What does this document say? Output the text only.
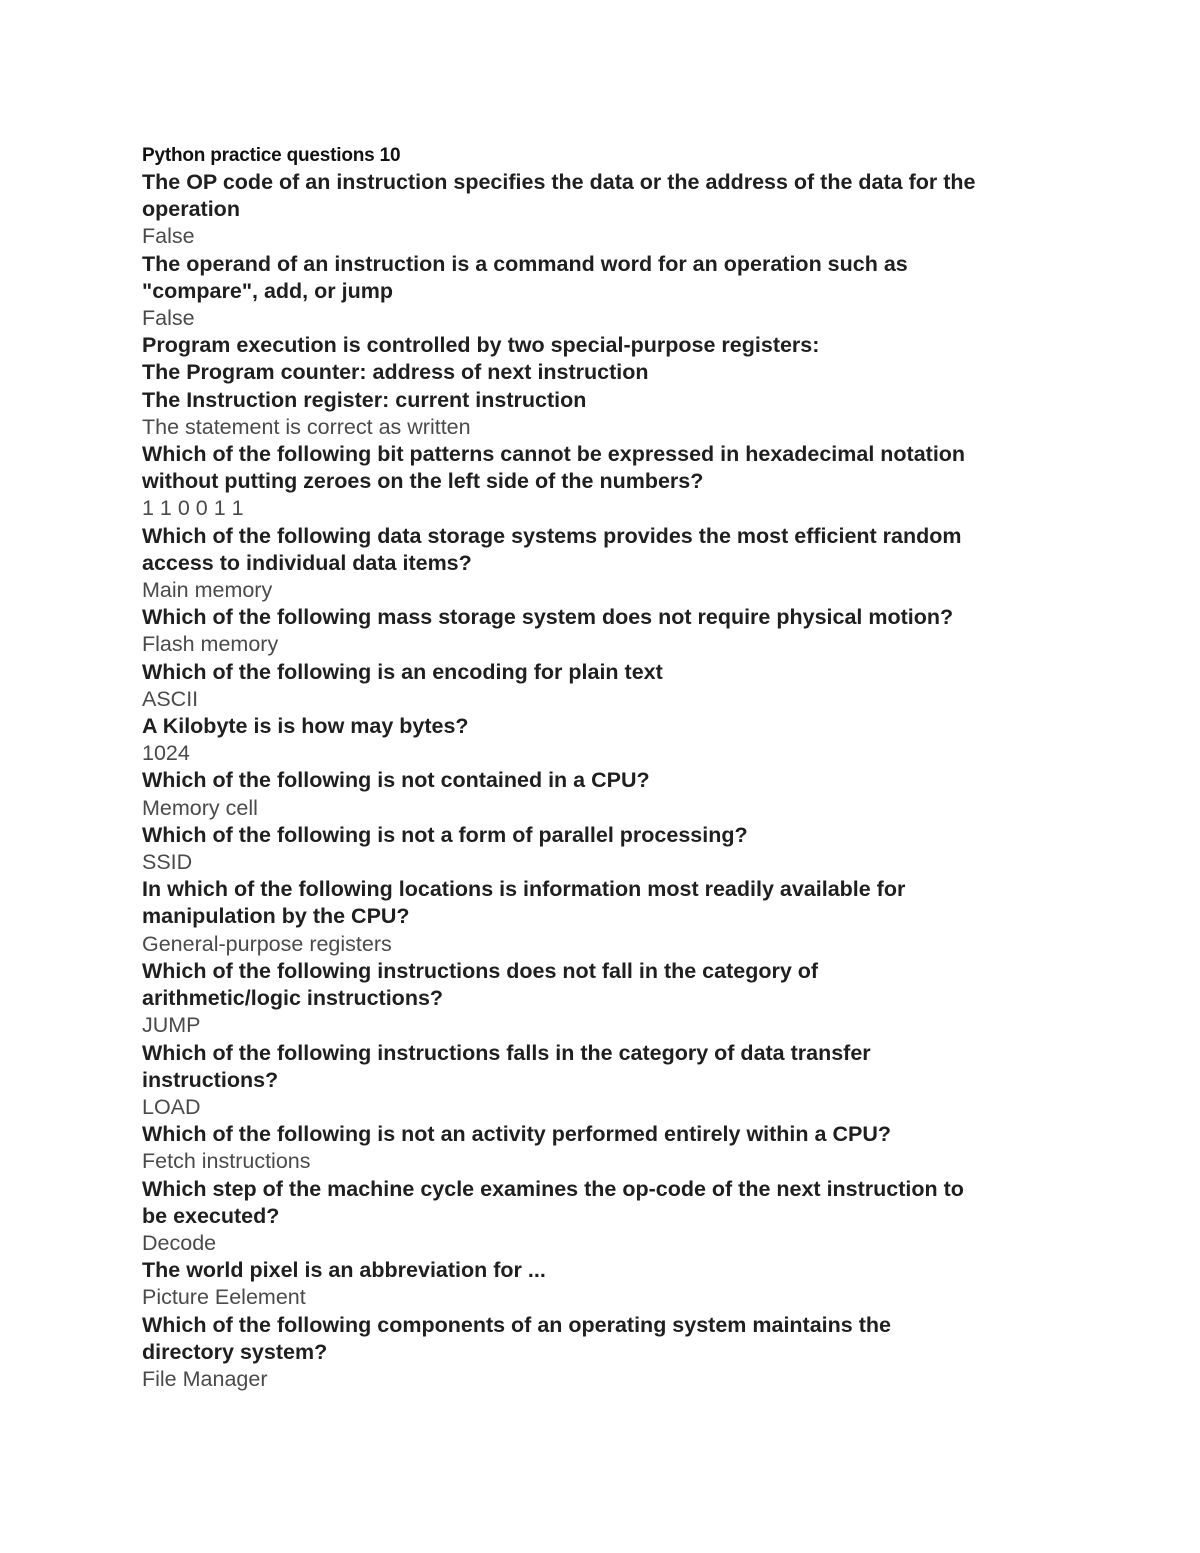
Python practice questions 10
The OP code of an instruction specifies the data or the address of the data for the
operation
False
The operand of an instruction is a command word for an operation such as
"compare", add, or jump
False
Program execution is controlled by two special-purpose registers:
The Program counter: address of next instruction
The Instruction register: current instruction
The statement is correct as written
Which of the following bit patterns cannot be expressed in hexadecimal notation
without putting zeroes on the left side of the numbers?
1 1 0 0 1 1
Which of the following data storage systems provides the most efficient random
access to individual data items?
Main memory
Which of the following mass storage system does not require physical motion?
Flash memory
Which of the following is an encoding for plain text
ASCII
A Kilobyte is is how may bytes?
1024
Which of the following is not contained in a CPU?
Memory cell
Which of the following is not a form of parallel processing?
SSID
In which of the following locations is information most readily available for
manipulation by the CPU?
General-purpose registers
Which of the following instructions does not fall in the category of
arithmetic/logic instructions?
JUMP
Which of the following instructions falls in the category of data transfer
instructions?
LOAD
Which of the following is not an activity performed entirely within a CPU?
Fetch instructions
Which step of the machine cycle examines the op-code of the next instruction to
be executed?
Decode
The world pixel is an abbreviation for ...
Picture Eelement
Which of the following components of an operating system maintains the
directory system?
File Manager
